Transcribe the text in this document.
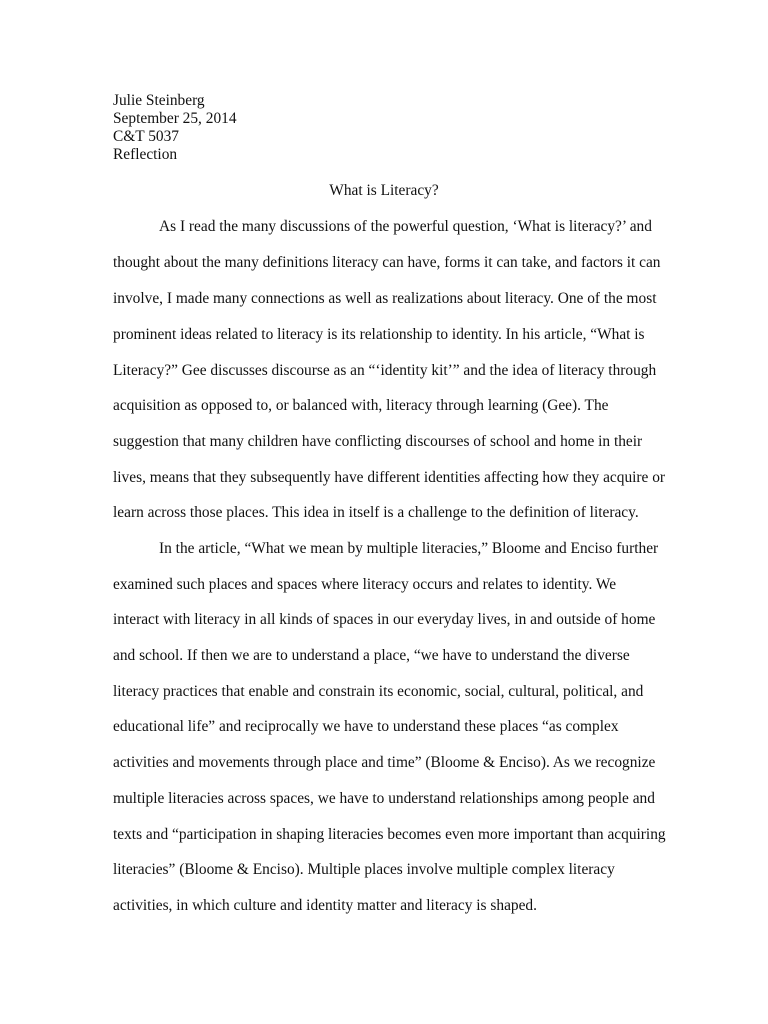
Julie Steinberg
September 25, 2014
C&T 5037
Reflection
What is Literacy?
As I read the many discussions of the powerful question, ‘What is literacy?’ and
thought about the many definitions literacy can have, forms it can take, and factors it can
involve, I made many connections as well as realizations about literacy. One of the most
prominent ideas related to literacy is its relationship to identity. In his article, “What is
Literacy?” Gee discusses discourse as an “‘identity kit’” and the idea of literacy through
acquisition as opposed to, or balanced with, literacy through learning (Gee). The
suggestion that many children have conflicting discourses of school and home in their
lives, means that they subsequently have different identities affecting how they acquire or
learn across those places. This idea in itself is a challenge to the definition of literacy.
In the article, “What we mean by multiple literacies,” Bloome and Enciso further
examined such places and spaces where literacy occurs and relates to identity. We
interact with literacy in all kinds of spaces in our everyday lives, in and outside of home
and school. If then we are to understand a place, “we have to understand the diverse
literacy practices that enable and constrain its economic, social, cultural, political, and
educational life” and reciprocally we have to understand these places “as complex
activities and movements through place and time” (Bloome & Enciso). As we recognize
multiple literacies across spaces, we have to understand relationships among people and
texts and “participation in shaping literacies becomes even more important than acquiring
literacies” (Bloome & Enciso). Multiple places involve multiple complex literacy
activities, in which culture and identity matter and literacy is shaped.
